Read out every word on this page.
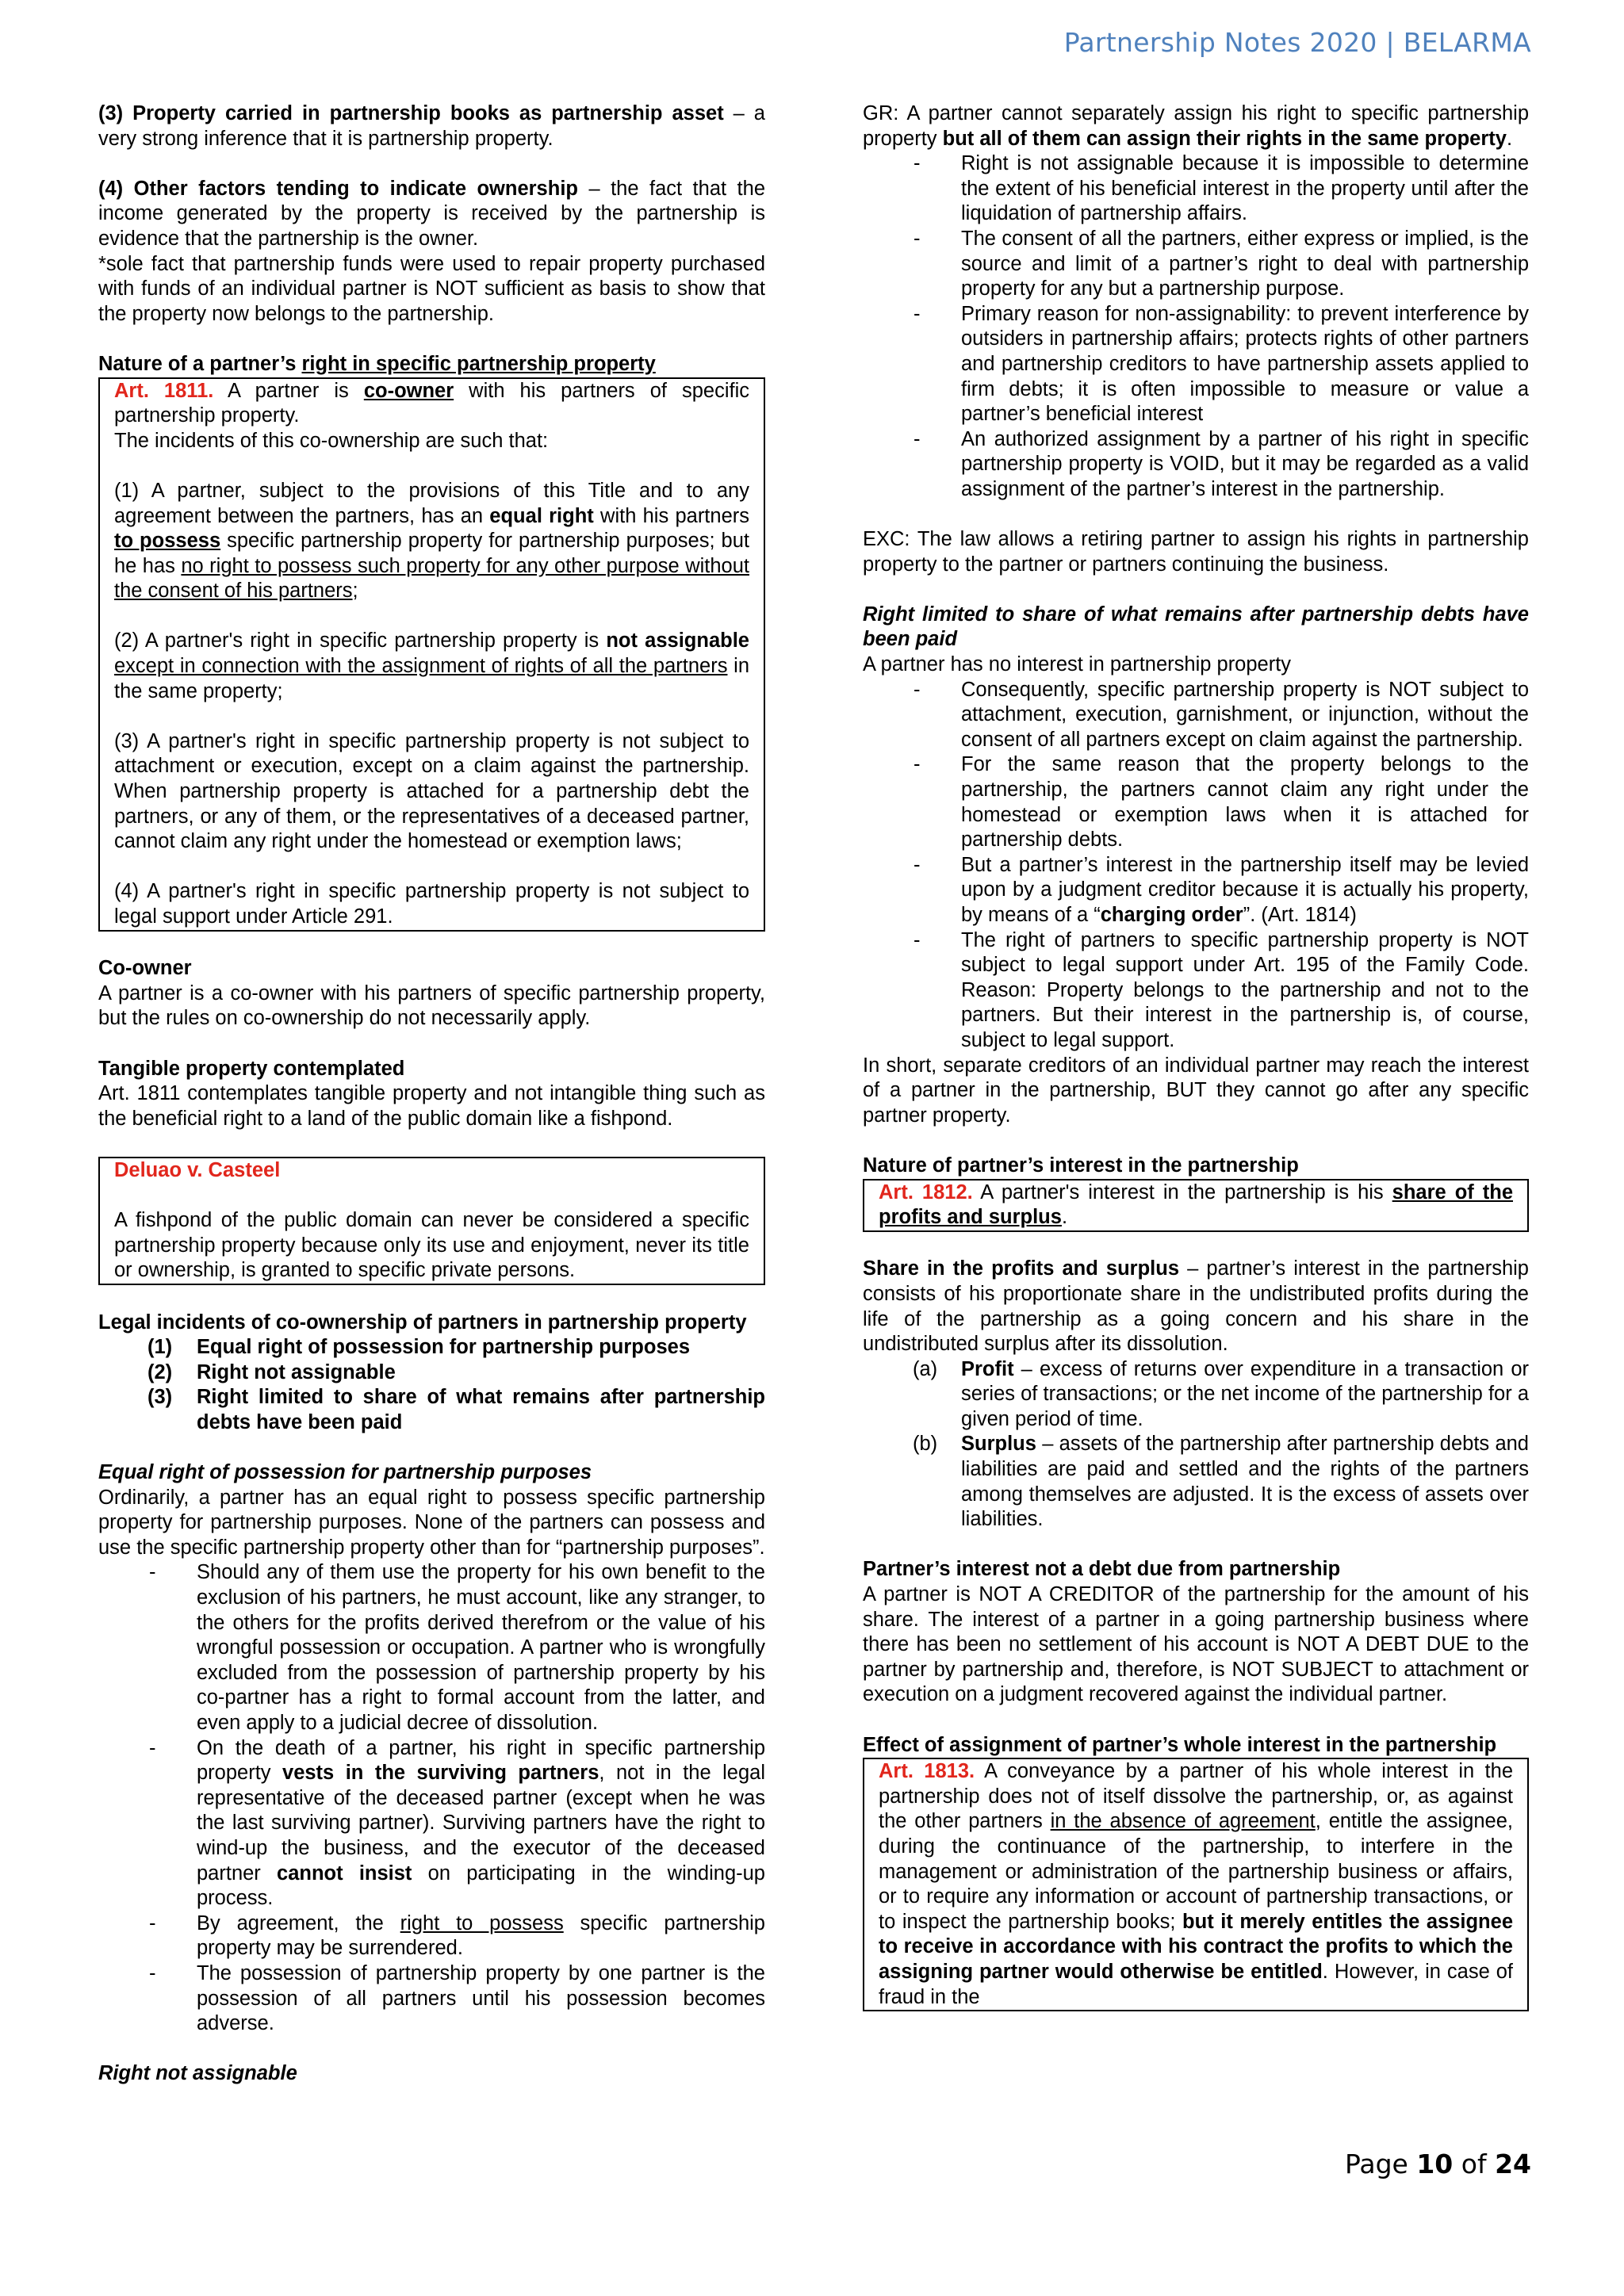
Partnership Notes 2020 | BELARMA

(3) Property carried in partnership books as partnership asset – a very strong inference that it is partnership property.

(4) Other factors tending to indicate ownership – the fact that the income generated by the property is received by the partnership is evidence that the partnership is the owner.

*sole fact that partnership funds were used to repair property purchased with funds of an individual partner is NOT sufficient as basis to show that the property now belongs to the partnership.

Nature of a partner’s right in specific partnership property

Art. 1811. A partner is co-owner with his partners of specific partnership property.

The incidents of this co-ownership are such that:

(1) A partner, subject to the provisions of this Title and to any agreement between the partners, has an equal right with his partners to possess specific partnership property for partnership purposes; but he has no right to possess such property for any other purpose without the consent of his partners;

(2) A partner's right in specific partnership property is not assignable except in connection with the assignment of rights of all the partners in the same property;

(3) A partner's right in specific partnership property is not subject to attachment or execution, except on a claim against the partnership. When partnership property is attached for a partnership debt the partners, or any of them, or the representatives of a deceased partner, cannot claim any right under the homestead or exemption laws;

(4) A partner's right in specific partnership property is not subject to legal support under Article 291.

Co-owner

A partner is a co-owner with his partners of specific partnership property, but the rules on co-ownership do not necessarily apply.

Tangible property contemplated

Art. 1811 contemplates tangible property and not intangible thing such as the beneficial right to a land of the public domain like a fishpond.

Deluao v. Casteel

A fishpond of the public domain can never be considered a specific partnership property because only its use and enjoyment, never its title or ownership, is granted to specific private persons.

Legal incidents of co-ownership of partners in partnership property

(1) Equal right of possession for partnership purposes
(2) Right not assignable
(3) Right limited to share of what remains after partnership debts have been paid

Equal right of possession for partnership purposes

Ordinarily, a partner has an equal right to possess specific partnership property for partnership purposes. None of the partners can possess and use the specific partnership property other than for “partnership purposes”.

- Should any of them use the property for his own benefit to the exclusion of his partners, he must account, like any stranger, to the others for the profits derived therefrom or the value of his wrongful possession or occupation. A partner who is wrongfully excluded from the possession of partnership property by his co-partner has a right to formal account from the latter, and even apply to a judicial decree of dissolution.
- On the death of a partner, his right in specific partnership property vests in the surviving partners, not in the legal representative of the deceased partner (except when he was the last surviving partner). Surviving partners have the right to wind-up the business, and the executor of the deceased partner cannot insist on participating in the winding-up process.
- By agreement, the right to possess specific partnership property may be surrendered.
- The possession of partnership property by one partner is the possession of all partners until his possession becomes adverse.

Right not assignable

GR: A partner cannot separately assign his right to specific partnership property but all of them can assign their rights in the same property.

- Right is not assignable because it is impossible to determine the extent of his beneficial interest in the property until after the liquidation of partnership affairs.
- The consent of all the partners, either express or implied, is the source and limit of a partner’s right to deal with partnership property for any but a partnership purpose.
- Primary reason for non-assignability: to prevent interference by outsiders in partnership affairs; protects rights of other partners and partnership creditors to have partnership assets applied to firm debts; it is often impossible to measure or value a partner’s beneficial interest
- An authorized assignment by a partner of his right in specific partnership property is VOID, but it may be regarded as a valid assignment of the partner’s interest in the partnership.

EXC: The law allows a retiring partner to assign his rights in partnership property to the partner or partners continuing the business.

Right limited to share of what remains after partnership debts have been paid

A partner has no interest in partnership property

- Consequently, specific partnership property is NOT subject to attachment, execution, garnishment, or injunction, without the consent of all partners except on claim against the partnership.
- For the same reason that the property belongs to the partnership, the partners cannot claim any right under the homestead or exemption laws when it is attached for partnership debts.
- But a partner’s interest in the partnership itself may be levied upon by a judgment creditor because it is actually his property, by means of a “charging order”. (Art. 1814)
- The right of partners to specific partnership property is NOT subject to legal support under Art. 195 of the Family Code. Reason: Property belongs to the partnership and not to the partners. But their interest in the partnership is, of course, subject to legal support.

In short, separate creditors of an individual partner may reach the interest of a partner in the partnership, BUT they cannot go after any specific partner property.

Nature of partner’s interest in the partnership

Art. 1812. A partner's interest in the partnership is his share of the profits and surplus.

Share in the profits and surplus – partner’s interest in the partnership consists of his proportionate share in the undistributed profits during the life of the partnership as a going concern and his share in the undistributed surplus after its dissolution.

(a) Profit – excess of returns over expenditure in a transaction or series of transactions; or the net income of the partnership for a given period of time.
(b) Surplus – assets of the partnership after partnership debts and liabilities are paid and settled and the rights of the partners among themselves are adjusted. It is the excess of assets over liabilities.

Partner’s interest not a debt due from partnership

A partner is NOT A CREDITOR of the partnership for the amount of his share. The interest of a partner in a going partnership business where there has been no settlement of his account is NOT A DEBT DUE to the partner by partnership and, therefore, is NOT SUBJECT to attachment or execution on a judgment recovered against the individual partner.

Effect of assignment of partner’s whole interest in the partnership

Art. 1813. A conveyance by a partner of his whole interest in the partnership does not of itself dissolve the partnership, or, as against the other partners in the absence of agreement, entitle the assignee, during the continuance of the partnership, to interfere in the management or administration of the partnership business or affairs, or to require any information or account of partnership transactions, or to inspect the partnership books; but it merely entitles the assignee to receive in accordance with his contract the profits to which the assigning partner would otherwise be entitled. However, in case of fraud in the

Page 10 of 24
